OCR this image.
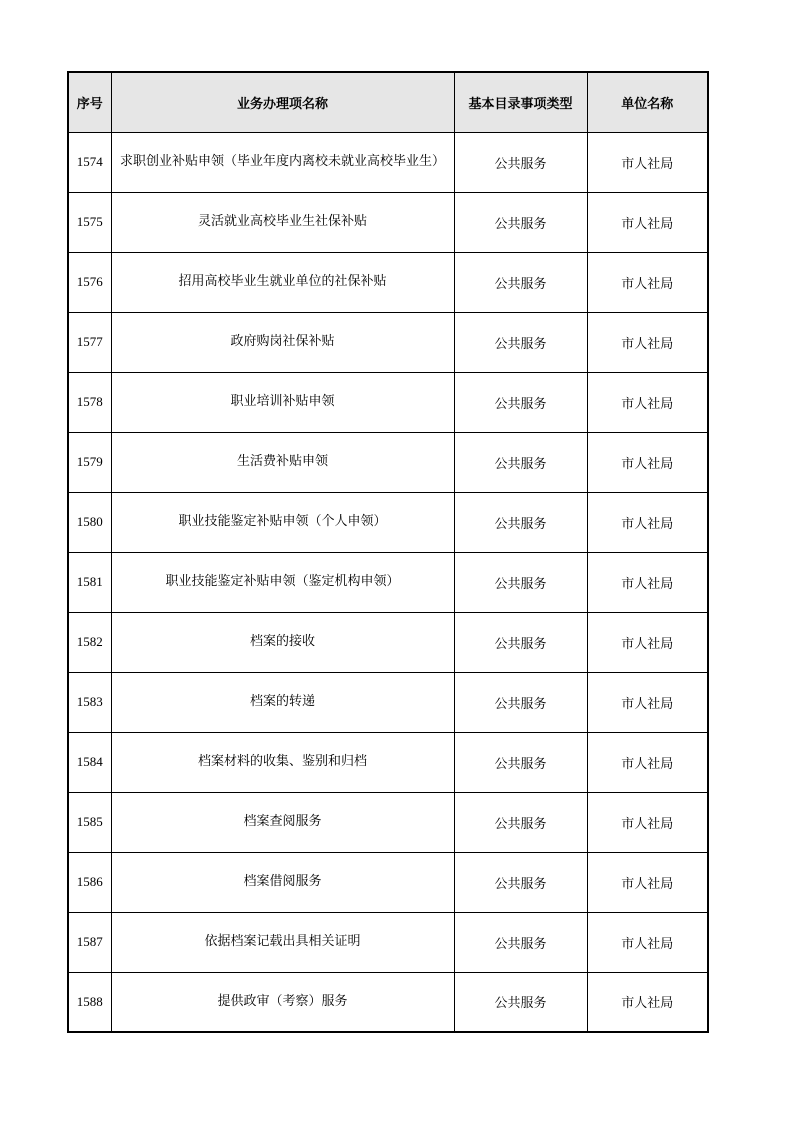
序号	业务办理项名称	基本目录事项类型	单位名称
1574	求职创业补贴申领（毕业年度内离校未就业高校毕业生）	公共服务	市人社局
1575	灵活就业高校毕业生社保补贴	公共服务	市人社局
1576	招用高校毕业生就业单位的社保补贴	公共服务	市人社局
1577	政府购岗社保补贴	公共服务	市人社局
1578	职业培训补贴申领	公共服务	市人社局
1579	生活费补贴申领	公共服务	市人社局
1580	职业技能鉴定补贴申领（个人申领）	公共服务	市人社局
1581	职业技能鉴定补贴申领（鉴定机构申领）	公共服务	市人社局
1582	档案的接收	公共服务	市人社局
1583	档案的转递	公共服务	市人社局
1584	档案材料的收集、鉴别和归档	公共服务	市人社局
1585	档案查阅服务	公共服务	市人社局
1586	档案借阅服务	公共服务	市人社局
1587	依据档案记载出具相关证明	公共服务	市人社局
1588	提供政审（考察）服务	公共服务	市人社局
